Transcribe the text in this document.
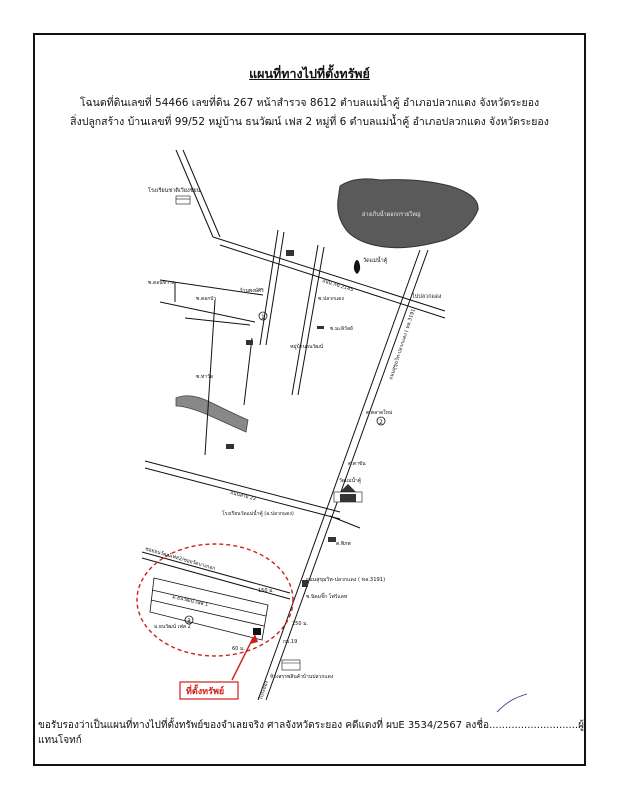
แผนที่ทางไปที่ตั้งทรัพย์
โฉนดที่ดินเลขที่ 54466 เลขที่ดิน 267 หน้าสำรวจ 8612 ตำบลแม่น้ำคู้ อำเภอปลวกแดง จังหวัดระยอง
สิ่งปลูกสร้าง บ้านเลขที่ 99/52 หมู่บ้าน ธนวัฒน์ เฟส 2 หมู่ที่ 6 ตำบลแม่น้ำคู้ อำเภอปลวกแดง จังหวัดระยอง
อ่างเก็บน้ำดอกกรายใหญ่
ที่ตั้งทรัพย์
1
2
3
โรงเรียนชาติเวียงชัยน
ถนน กข.2145
วัดแม่น้ำคู้
ไปปลวกแดง
ซ.ดอนขวาง
ซ.ดอกบัว
ซ.ท่าวัด
ซ.ปลวกแดง
ซ.มะลิวัลย์
ร้านพงษ์ศิริ
หมู่บ้านธนวัฒน์
ต.ตลาดใหม่
ต.ตาขัน
วัดแม่น้ำคู้
ถนนสุขุมวิท-ปลวกแดง ( ทล.3191)
ถนนสาย 22
โรงเรียนวัดแม่น้ำคู้ (อ.ปลวกแดง)
ต.พิภพ
ถนนสุขุมวิท-ปลวกแดง ( ทล.3191)
ซ.นิคมจิ๊ก โฟร์แดท
150 ม.
250 ม.
กม.19
60 ม.
ม.ธนวัฒน์ เฟส 1
ม.ธนวัฒน์ เฟส 2
ซอยธนวัฒน์เฟส2/ซอยวัดบางกอก
ห้างสรรพสินค้าบ้านปลวกแดง
ไประยอง
ขอรับรองว่าเป็นแผนที่ทางไปที่ตั้งทรัพย์ของจำเลยจริง ศาลจังหวัดระยอง คดีแดงที่ ผบE 3534/2567 ลงชื่อ............................ผู้แทนโจทก์
